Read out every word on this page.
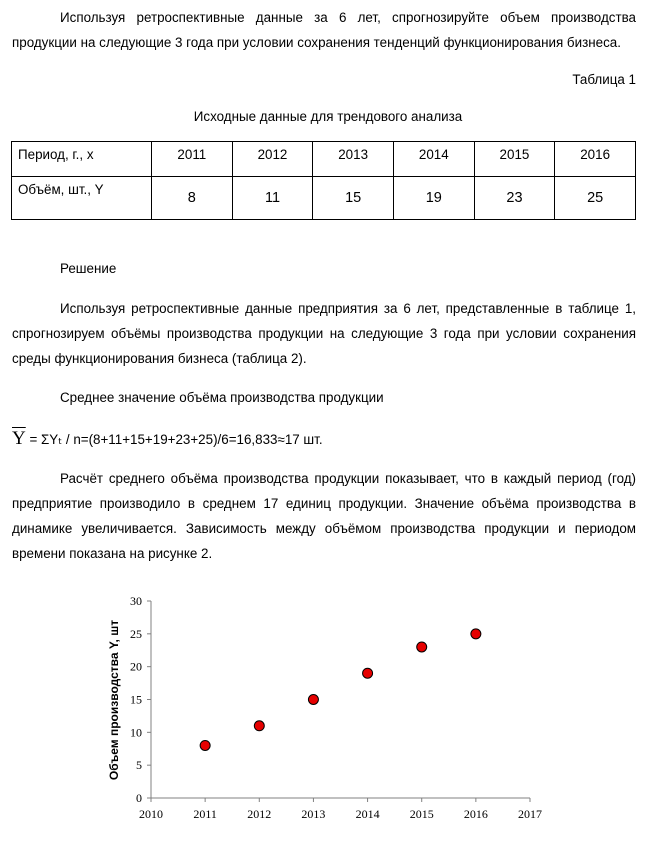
Используя ретроспективные данные за 6 лет, спрогнозируйте объем производства
продукции на следующие 3 года при условии сохранения тенденций функционирования бизнеса.
Таблица 1
Исходные данные для трендового анализа
Период, г., х	2011	2012	2013	2014	2015	2016
Объём, шт., Y	8	11	15	19	23	25
Решение
Используя ретроспективные данные предприятия за 6 лет, представленные в таблице 1,
спрогнозируем объёмы производства продукции на следующие 3 года при условии сохранения
среды функционирования бизнеса (таблица 2).
Среднее значение объёма производства продукции
$\overline{Y} = \Sigma Y_t / n=(8+11+15+19+23+25)/6=16,833\approx 17$ шт.
Расчёт среднего объёма производства продукции показывает, что в каждый период (год)
предприятие производило в среднем 17 единиц продукции. Значение объёма производства в
динамике увеличивается. Зависимость между объёмом производства продукции и периодом
времени показана на рисунке 2.
0
5
10
15
20
25
30
2010	2011	2012	2013	2014	2015	2016	2017
Объем производства Y, шт
